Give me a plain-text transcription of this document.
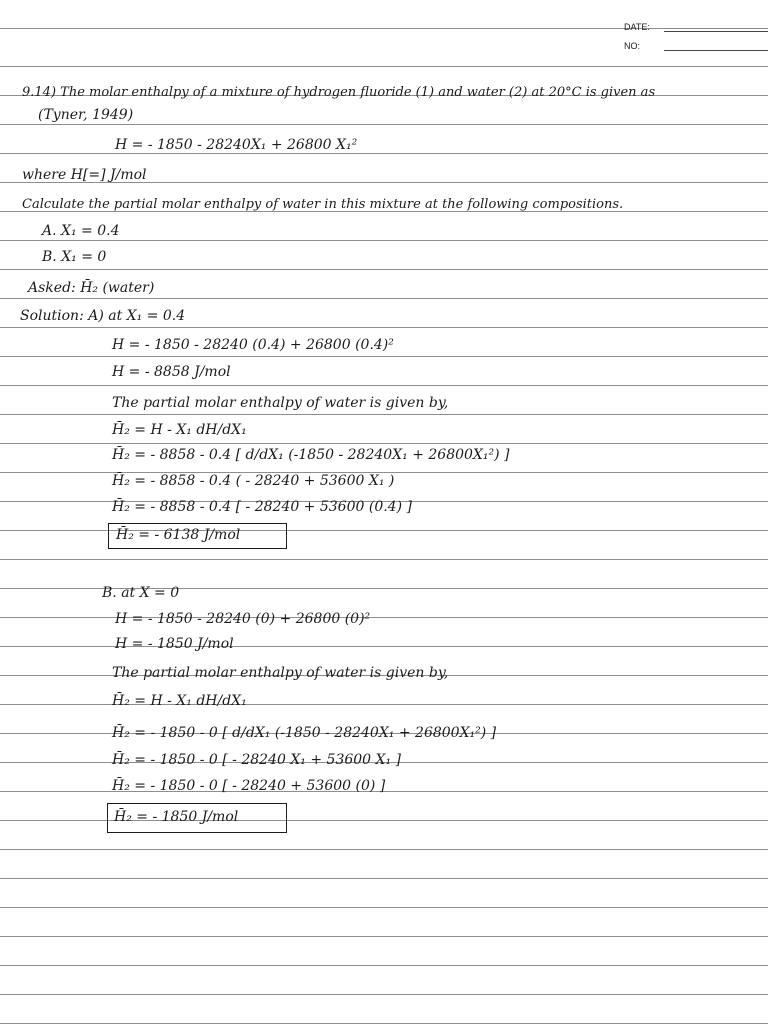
DATE:
NO:
9.14) The molar enthalpy of a mixture of hydrogen fluoride (1) and water (2) at 20°C is given as
(Tyner, 1949)
H = - 1850 - 28240X₁ + 26800 X₁²
where H[=] J/mol
Calculate the partial molar enthalpy of water in this mixture at the following compositions.
A. X₁ = 0.4
B. X₁ = 0
Asked: H̄₂ (water)
Solution: A) at X₁ = 0.4
H = - 1850 - 28240 (0.4) + 26800 (0.4)²
H = - 8858 J/mol
The partial molar enthalpy of water is given by,
H̄₂ = H - X₁ dH/dX₁
H̄₂ = - 8858 - 0.4 [ d/dX₁ (-1850 - 28240X₁ + 26800X₁²) ]
H̄₂ = - 8858 - 0.4 ( - 28240 + 53600 X₁ )
H̄₂ = - 8858 - 0.4 [ - 28240 + 53600 (0.4) ]
H̄₂ = - 6138 J/mol
B. at X = 0
H = - 1850 - 28240 (0) + 26800 (0)²
H = - 1850 J/mol
The partial molar enthalpy of water is given by,
H̄₂ = H - X₁ dH/dX₁
H̄₂ = - 1850 - 0 [ d/dX₁ (-1850 - 28240X₁ + 26800X₁²) ]
H̄₂ = - 1850 - 0 [ - 28240 X₁ + 53600 X₁ ]
H̄₂ = - 1850 - 0 [ - 28240 + 53600 (0) ]
H̄₂ = - 1850 J/mol
